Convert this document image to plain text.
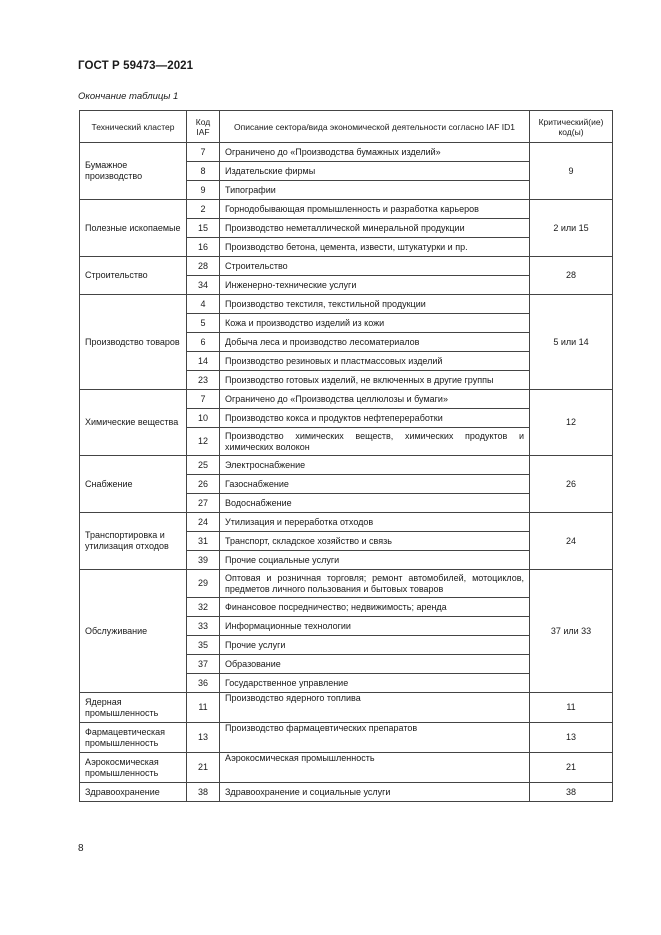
ГОСТ Р 59473—2021
Окончание таблицы 1
Технический кластер	Код IAF	Описание сектора/вида экономической деятельности согласно IAF ID1	Критический(ие) код(ы)
Бумажное производство	7	Ограничено до «Производства бумажных изделий»	9
	8	Издательские фирмы	
	9	Типографии	
Полезные ископаемые	2	Горнодобывающая промышленность и разработка карьеров	2 или 15
	15	Производство неметаллической минеральной продукции	
	16	Производство бетона, цемента, извести, штукатурки и пр.	
Строительство	28	Строительство	28
	34	Инженерно-технические услуги	
Производство товаров	4	Производство текстиля, текстильной продукции	5 или 14
	5	Кожа и производство изделий из кожи	
	6	Добыча леса и производство лесоматериалов	
	14	Производство резиновых и пластмассовых изделий	
	23	Производство готовых изделий, не включенных в другие группы	
Химические вещества	7	Ограничено до «Производства целлюлозы и бумаги»	12
	10	Производство кокса и продуктов нефтепереработки	
	12	Производство химических веществ, химических продуктов и химических волокон	
Снабжение	25	Электроснабжение	26
	26	Газоснабжение	
	27	Водоснабжение	
Транспортировка и утилизация отходов	24	Утилизация и переработка отходов	24
	31	Транспорт, складское хозяйство и связь	
	39	Прочие социальные услуги	
Обслуживание	29	Оптовая и розничная торговля; ремонт автомобилей, мотоциклов, предметов личного пользования и бытовых товаров	37 или 33
	32	Финансовое посредничество; недвижимость; аренда	
	33	Информационные технологии	
	35	Прочие услуги	
	37	Образование	
	36	Государственное управление	
Ядерная промышленность	11	Производство ядерного топлива	11
Фармацевтическая промышленность	13	Производство фармацевтических препаратов	13
Аэрокосмическая промышленность	21	Аэрокосмическая промышленность	21
Здравоохранение	38	Здравоохранение и социальные услуги	38
8
